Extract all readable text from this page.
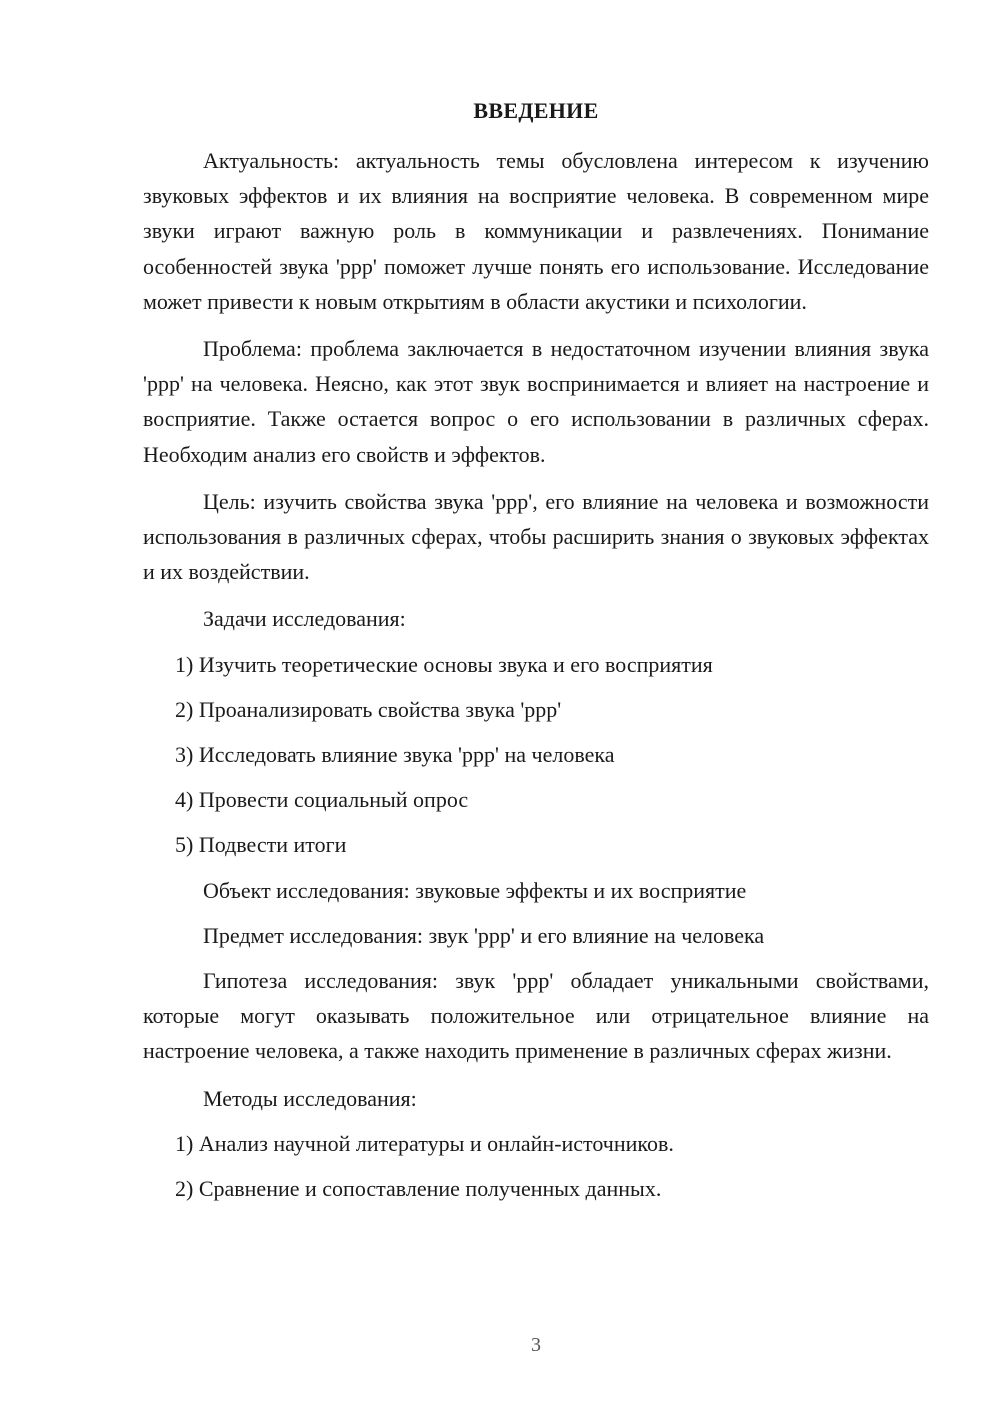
ВВЕДЕНИЕ

Актуальность: актуальность темы обусловлена интересом к изучению звуковых эффектов и их влияния на восприятие человека. В современном мире звуки играют важную роль в коммуникации и развлечениях. Понимание особенностей звука 'ррр' поможет лучше понять его использование. Исследование может привести к новым открытиям в области акустики и психологии.

Проблема: проблема заключается в недостаточном изучении влияния звука 'ррр' на человека. Неясно, как этот звук воспринимается и влияет на настроение и восприятие. Также остается вопрос о его использовании в различных сферах. Необходим анализ его свойств и эффектов.

Цель: изучить свойства звука 'ррр', его влияние на человека и возможности использования в различных сферах, чтобы расширить знания о звуковых эффектах и их воздействии.

Задачи исследования:

1) Изучить теоретические основы звука и его восприятия

2) Проанализировать свойства звука 'ррр'

3) Исследовать влияние звука 'ррр' на человека

4) Провести социальный опрос

5) Подвести итоги

Объект исследования: звуковые эффекты и их восприятие

Предмет исследования: звук 'ррр' и его влияние на человека

Гипотеза исследования: звук 'ррр' обладает уникальными свойствами, которые могут оказывать положительное или отрицательное влияние на настроение человека, а также находить применение в различных сферах жизни.

Методы исследования:

1) Анализ научной литературы и онлайн-источников.

2) Сравнение и сопоставление полученных данных.

3
